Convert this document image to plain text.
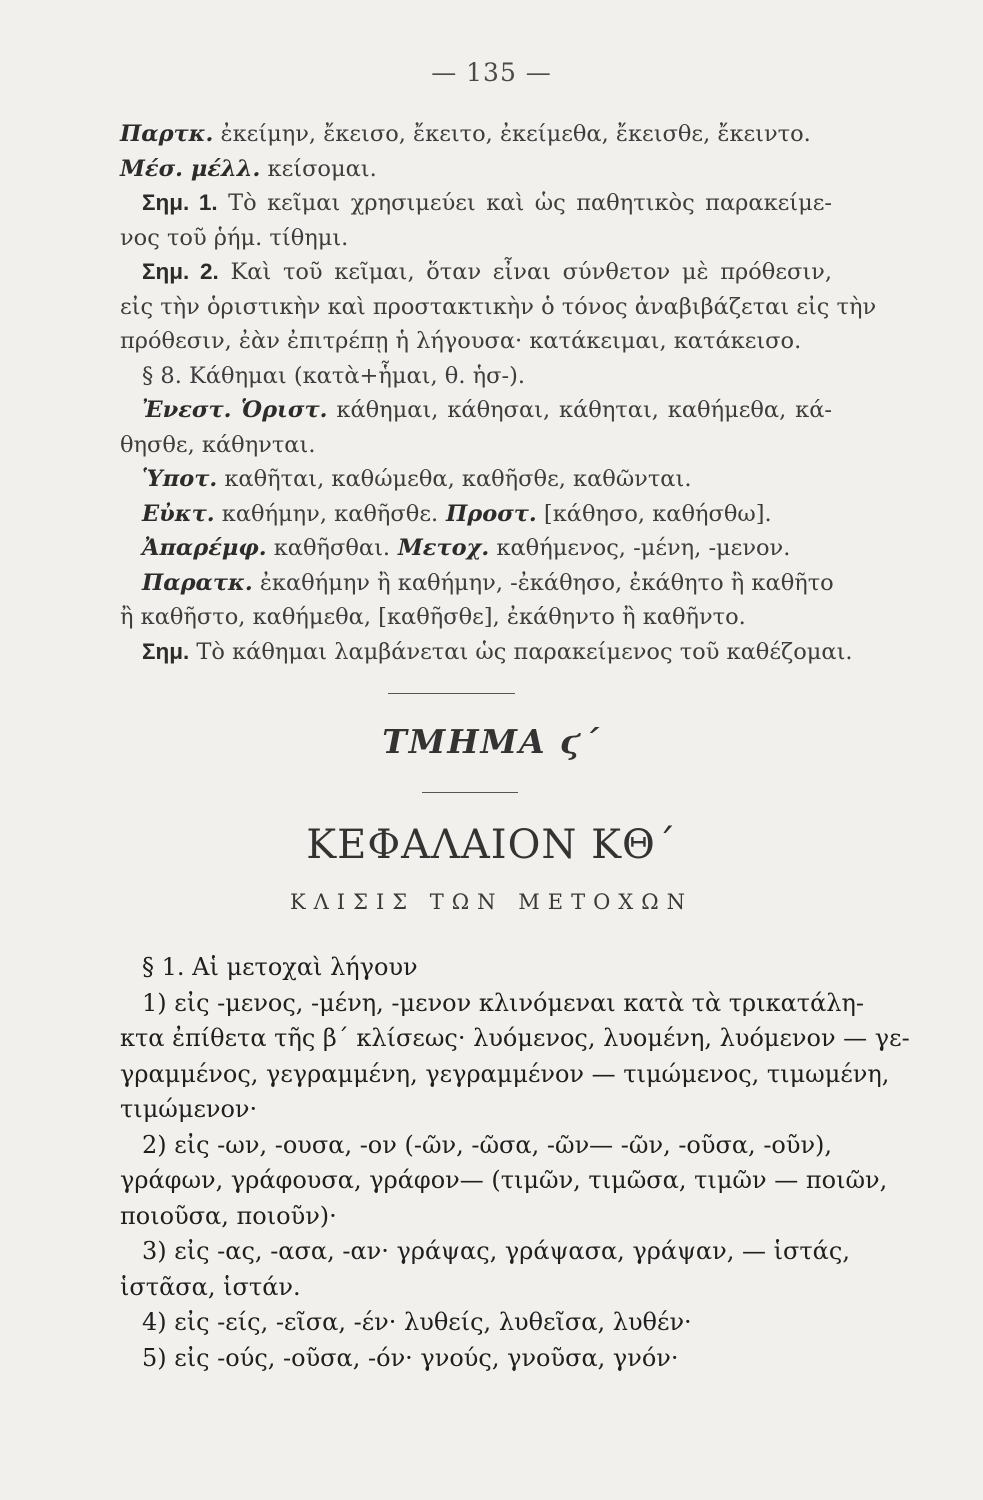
— 135 —
Παρτκ. ἐκείμην, ἔκεισο, ἔκειτο, ἐκείμεθα, ἔκεισθε, ἔκειντο.
Μέσ. μέλλ. κείσομαι.
Σημ. 1. Τὸ κεῖμαι χρησιμεύει καὶ ὡς παθητικὸς παρακείμε-
νος τοῦ ῥήμ. τίθημι.
Σημ. 2. Καὶ τοῦ κεῖμαι, ὅταν εἶναι σύνθετον μὲ πρόθεσιν,
εἰς τὴν ὁριστικὴν καὶ προστακτικὴν ὁ τόνος ἀναβιβάζεται εἰς τὴν
πρόθεσιν, ἐὰν ἐπιτρέπῃ ἡ λήγουσα· κατάκειμαι, κατάκεισο.
§ 8. Κάθημαι (κατὰ+ἧμαι, θ. ἡσ-).
Ἐνεστ. Ὁριστ. κάθημαι, κάθησαι, κάθηται, καθήμεθα, κά-
θησθε, κάθηνται.
Ὑποτ. καθῆται, καθώμεθα, καθῆσθε, καθῶνται.
Εὐκτ. καθήμην, καθῆσθε. Προστ. [κάθησο, καθήσθω].
Ἀπαρέμφ. καθῆσθαι. Μετοχ. καθήμενος, -μένη, -μενον.
Παρατκ. ἐκαθήμην ἢ καθήμην, -ἐκάθησο, ἐκάθητο ἢ καθῆτο
ἢ καθῆστο, καθήμεθα, [καθῆσθε], ἐκάθηντο ἢ καθῆντο.
Σημ. Τὸ κάθημαι λαμβάνεται ὡς παρακείμενος τοῦ καθέζομαι.
ΤΜΗΜΑ ϛ΄
ΚΕΦΑΛΑΙΟΝ ΚΘ΄
ΚΛΙΣΙΣ ΤΩΝ ΜΕΤΟΧΩΝ
§ 1. Αἱ μετοχαὶ λήγουν
1) εἰς -μενος, -μένη, -μενον κλινόμεναι κατὰ τὰ τρικατάλη-
κτα ἐπίθετα τῆς β΄ κλίσεως· λυόμενος, λυομένη, λυόμενον — γε-
γραμμένος, γεγραμμένη, γεγραμμένον — τιμώμενος, τιμωμένη,
τιμώμενον·
2) εἰς -ων, -ουσα, -ον (-ῶν, -ῶσα, -ῶν— -ῶν, -οῦσα, -οῦν),
γράφων, γράφουσα, γράφον— (τιμῶν, τιμῶσα, τιμῶν — ποιῶν,
ποιοῦσα, ποιοῦν)·
3) εἰς -ας, -ασα, -αν· γράψας, γράψασα, γράψαν, — ἱστάς,
ἱστᾶσα, ἱστάν.
4) εἰς -είς, -εῖσα, -έν· λυθείς, λυθεῖσα, λυθέν·
5) εἰς -ούς, -οῦσα, -όν· γνούς, γνοῦσα, γνόν·
